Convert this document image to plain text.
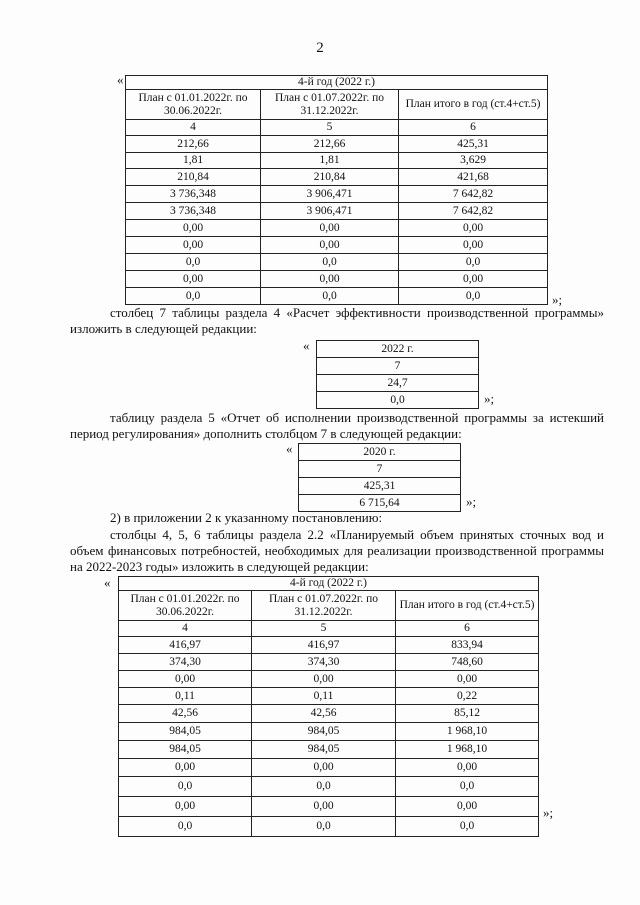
2
«	4-й год (2022 г.)		
План с 01.01.2022г. по 30.06.2022г.	План с 01.07.2022г. по 31.12.2022г.	План итого в год (ст.4+ст.5)
4	5	6
212,66	212,66	425,31
1,81	1,81	3,629
210,84	210,84	421,68
3 736,348	3 906,471	7 642,82
3 736,348	3 906,471	7 642,82
0,00	0,00	0,00
0,00	0,00	0,00
0,0	0,0	0,0
0,00	0,00	0,00
0,0	0,0	0,0	»;
столбец 7 таблицы раздела 4 «Расчет эффективности производственной программы» изложить в следующей редакции:
«	2022 г.
7
24,7
0,0	»;
таблицу раздела 5 «Отчет об исполнении производственной программы за истекший период регулирования» дополнить столбцом 7 в следующей редакции:
«	2020 г.
7
425,31
6 715,64	»;
2) в приложении 2 к указанному постановлению:
столбцы 4, 5, 6 таблицы раздела 2.2 «Планируемый объем принятых сточных вод и объем финансовых потребностей, необходимых для реализации производственной программы на 2022-2023 годы» изложить в следующей редакции:
«	4-й год (2022 г.)		
План с 01.01.2022г. по 30.06.2022г.	План с 01.07.2022г. по 31.12.2022г.	План итого в год (ст.4+ст.5)
4	5	6
416,97	416,97	833,94
374,30	374,30	748,60
0,00	0,00	0,00
0,11	0,11	0,22
42,56	42,56	85,12
984,05	984,05	1 968,10
984,05	984,05	1 968,10
0,00	0,00	0,00
0,0	0,0	0,0
0,00	0,00	0,00
0,0	0,0	0,0
»;
